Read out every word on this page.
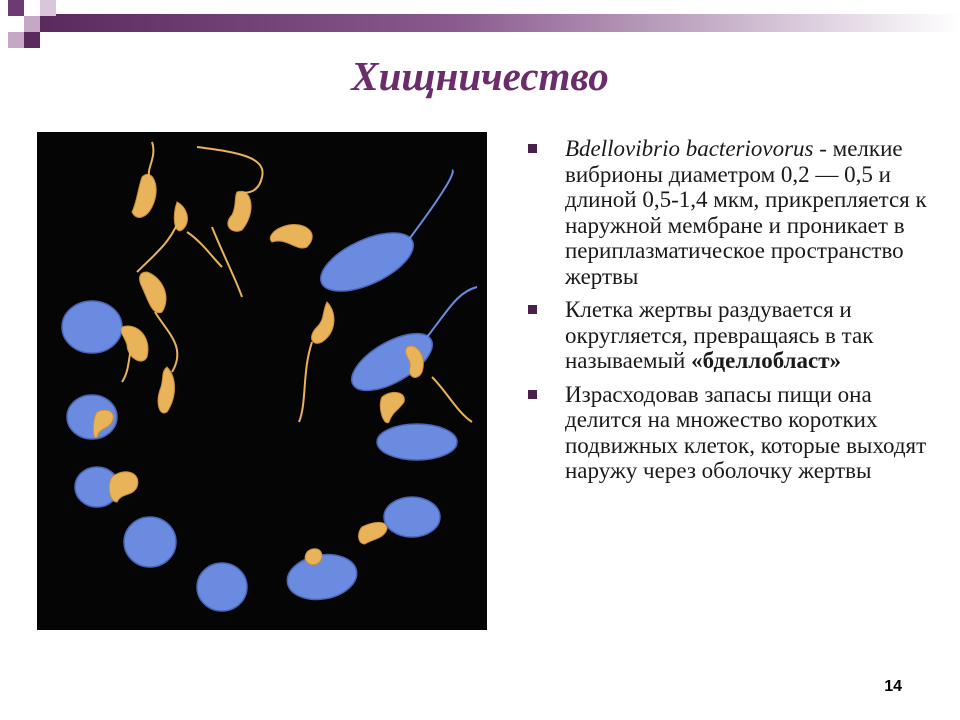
Хищничество
Bdellovibrio bacteriovorus - мелкие вибрионы диаметром 0,2 — 0,5 и длиной 0,5-1,4 мкм, прикрепляется к наружной мембране и проникает в периплазматическое пространство жертвы
Клетка жертвы раздувается и округляется, превращаясь в так называемый «бделлобласт»
Израсходовав запасы пищи она делится на множество коротких подвижных клеток, которые выходят наружу через оболочку жертвы
14
